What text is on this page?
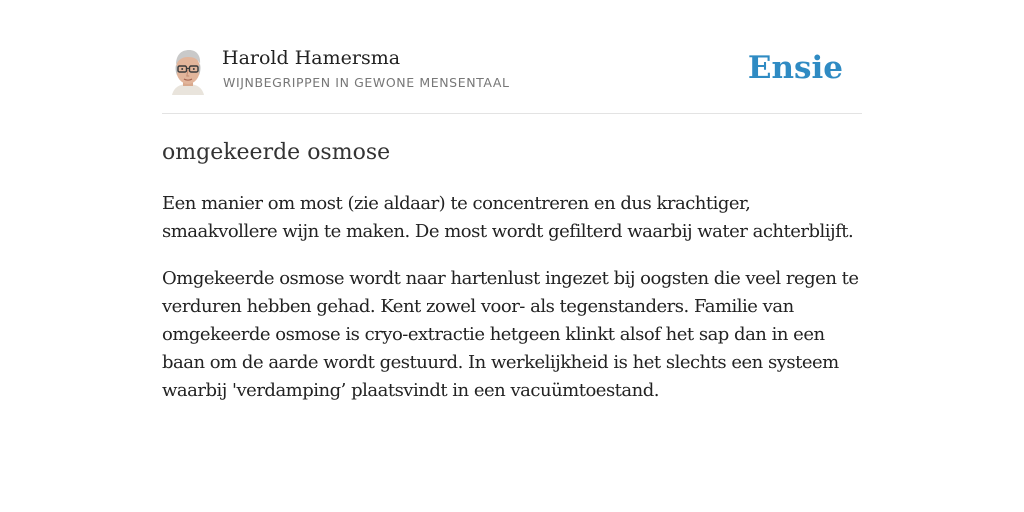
Harold Hamersma
WIJNBEGRIPPEN IN GEWONE MENSENTAAL	Ensie
omgekeerde osmose

Een manier om most (zie aldaar) te concentreren en dus krachtiger, smaakvollere wijn te maken. De most wordt gefilterd waarbij water achterblijft.

Omgekeerde osmose wordt naar hartenlust ingezet bij oogsten die veel regen te verduren hebben gehad. Kent zowel voor- als tegenstanders. Familie van omgekeerde osmose is cryo-extractie hetgeen klinkt alsof het sap dan in een baan om de aarde wordt gestuurd. In werkelijkheid is het slechts een systeem waarbij 'verdamping’ plaatsvindt in een vacuümtoestand.
